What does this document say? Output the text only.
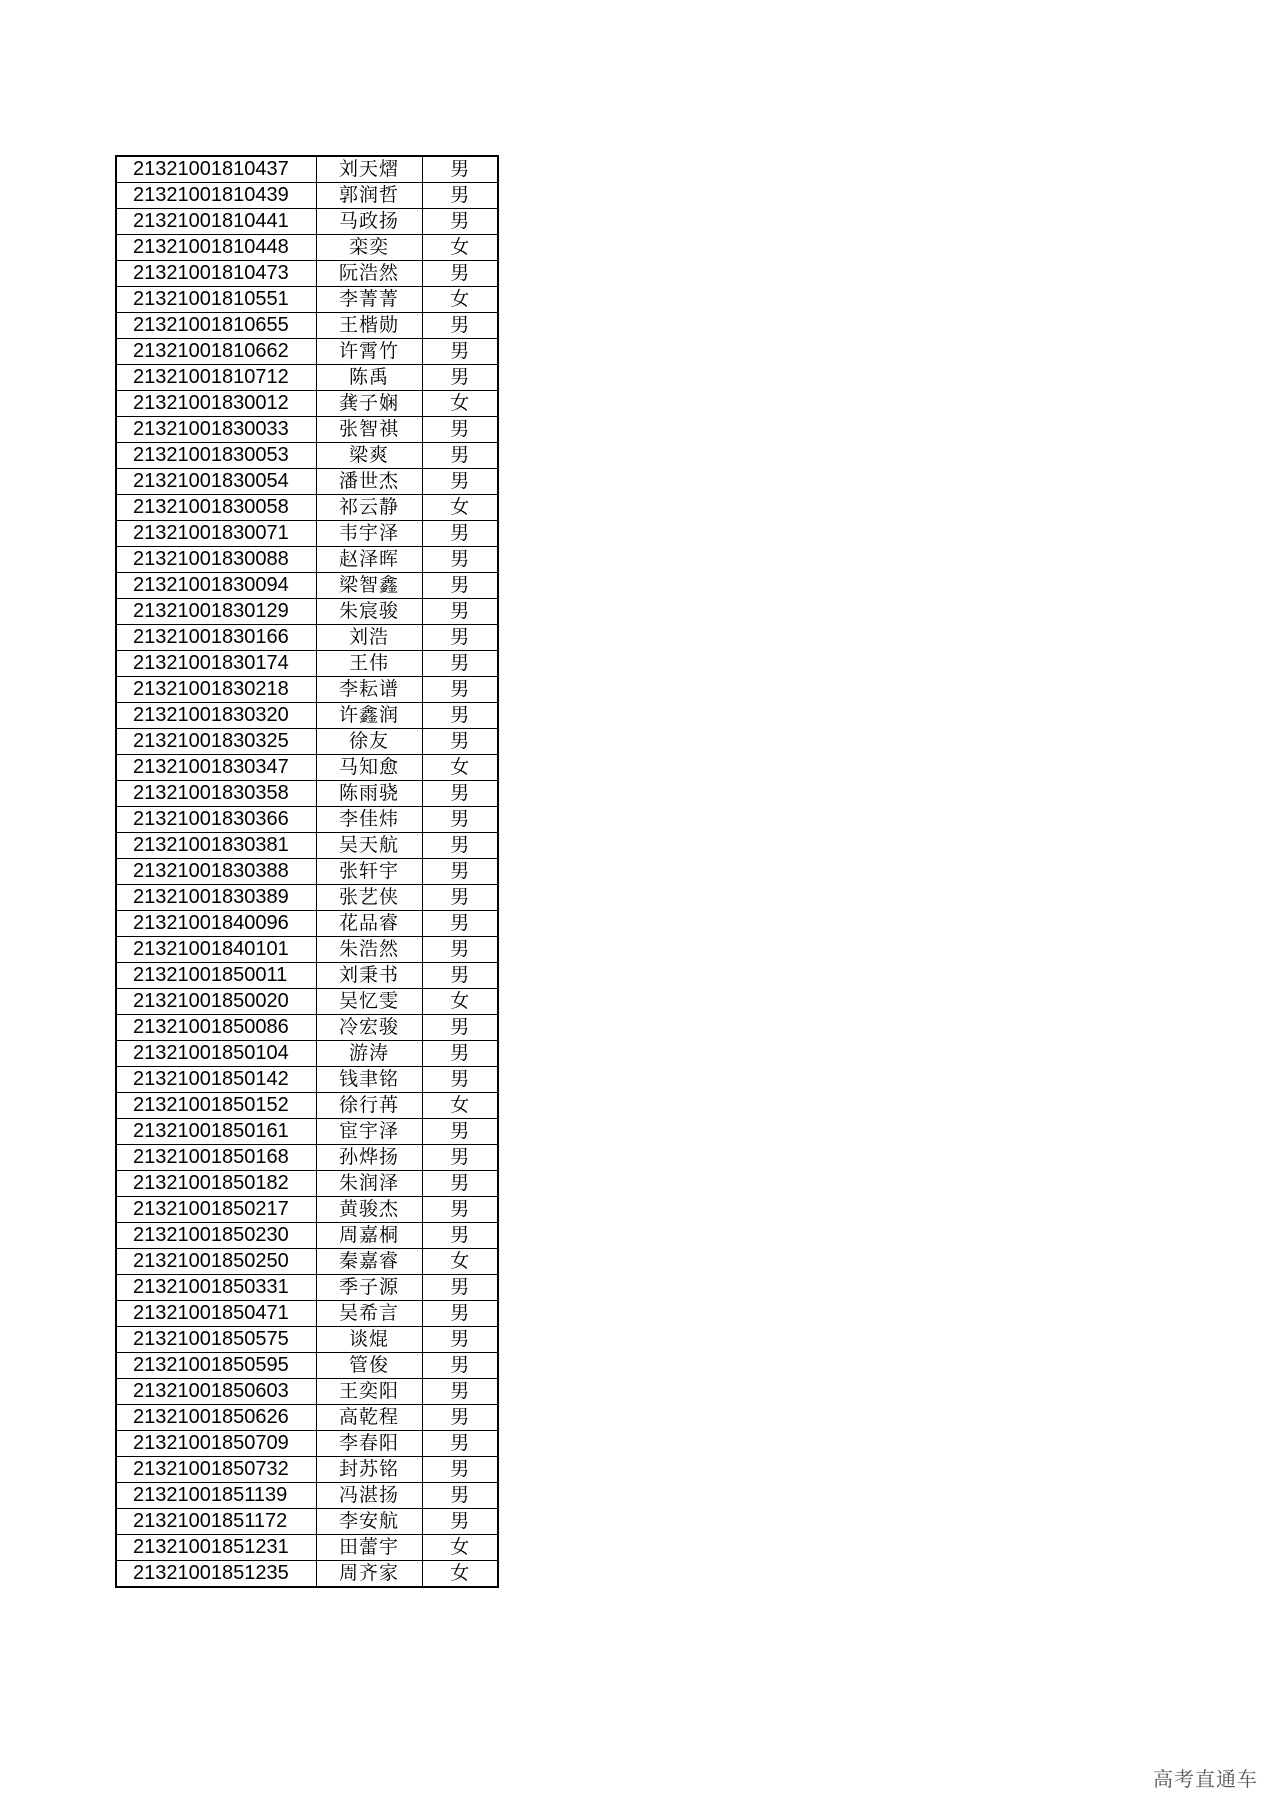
21321001810437	刘天熠	男
21321001810439	郭润哲	男
21321001810441	马政扬	男
21321001810448	栾奕	女
21321001810473	阮浩然	男
21321001810551	李菁菁	女
21321001810655	王楷勋	男
21321001810662	许霄竹	男
21321001810712	陈禹	男
21321001830012	龚子娴	女
21321001830033	张智祺	男
21321001830053	梁爽	男
21321001830054	潘世杰	男
21321001830058	祁云静	女
21321001830071	韦宇泽	男
21321001830088	赵泽晖	男
21321001830094	梁智鑫	男
21321001830129	朱宸骏	男
21321001830166	刘浩	男
21321001830174	王伟	男
21321001830218	李耘谱	男
21321001830320	许鑫润	男
21321001830325	徐友	男
21321001830347	马知愈	女
21321001830358	陈雨骁	男
21321001830366	李佳炜	男
21321001830381	吴天航	男
21321001830388	张轩宇	男
21321001830389	张艺侠	男
21321001840096	花品睿	男
21321001840101	朱浩然	男
21321001850011	刘秉书	男
21321001850020	吴忆雯	女
21321001850086	冷宏骏	男
21321001850104	游涛	男
21321001850142	钱聿铭	男
21321001850152	徐行苒	女
21321001850161	宦宇泽	男
21321001850168	孙烨扬	男
21321001850182	朱润泽	男
21321001850217	黄骏杰	男
21321001850230	周嘉桐	男
21321001850250	秦嘉睿	女
21321001850331	季子源	男
21321001850471	吴希言	男
21321001850575	谈焜	男
21321001850595	管俊	男
21321001850603	王奕阳	男
21321001850626	高乾程	男
21321001850709	李春阳	男
21321001850732	封苏铭	男
21321001851139	冯湛扬	男
21321001851172	李安航	男
21321001851231	田蕾宇	女
21321001851235	周齐家	女
高考直通车
